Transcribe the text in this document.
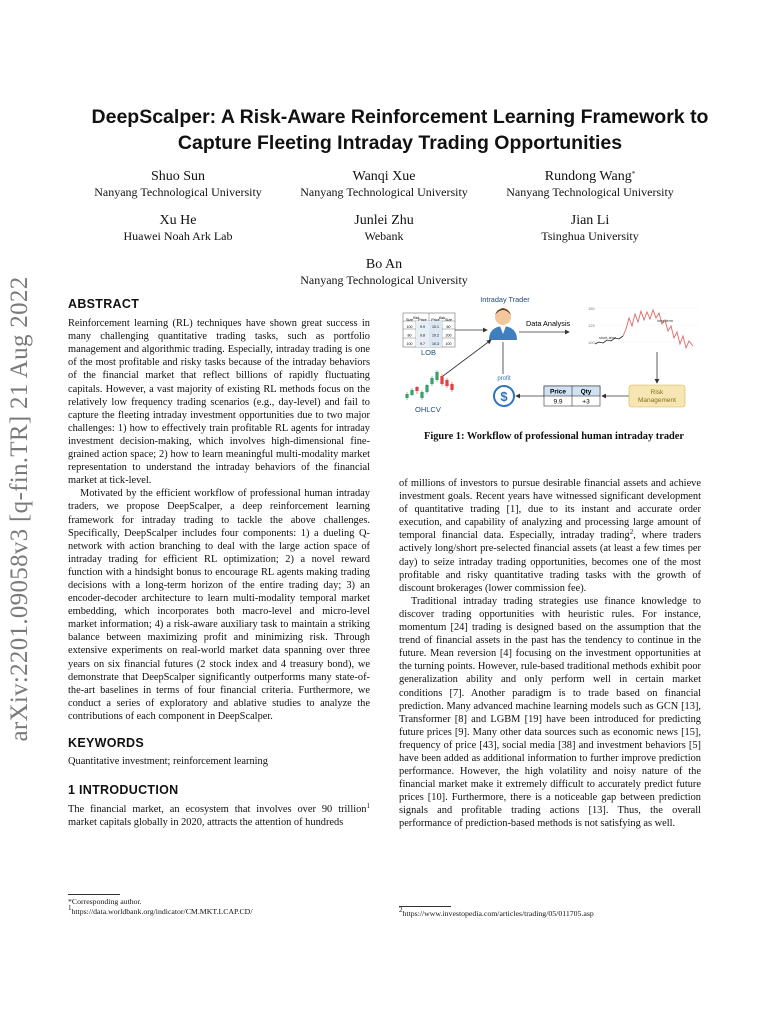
arXiv:2201.09058v3 [q-fin.TR] 21 Aug 2022
DeepScalper: A Risk-Aware Reinforcement Learning Framework to Capture Fleeting Intraday Trading Opportunities
Shuo Sun
Nanyang Technological University
Wanqi Xue
Nanyang Technological University
Rundong Wang*
Nanyang Technological University
Xu He
Huawei Noah Ark Lab
Junlei Zhu
Webank
Jian Li
Tsinghua University
Bo An
Nanyang Technological University
ABSTRACT

Reinforcement learning (RL) techniques have shown great success in many challenging quantitative trading tasks, such as portfolio management and algorithmic trading. Especially, intraday trading is one of the most profitable and risky tasks because of the intraday behaviors of the financial market that reflect billions of rapidly fluctuating capitals. However, a vast majority of existing RL methods focus on the relatively low frequency trading scenarios (e.g., day-level) and fail to capture the fleeting intraday investment opportunities due to two major challenges: 1) how to effectively train profitable RL agents for intraday investment decision-making, which involves high-dimensional fine-grained action space; 2) how to learn meaningful multi-modality market representation to understand the intraday behaviors of the financial market at tick-level.

Motivated by the efficient workflow of professional human intraday traders, we propose DeepScalper, a deep reinforcement learning framework for intraday trading to tackle the above challenges. Specifically, DeepScalper includes four components: 1) a dueling Q-network with action branching to deal with the large action space of intraday trading for efficient RL optimization; 2) a novel reward function with a hindsight bonus to encourage RL agents making trading decisions with a long-term horizon of the entire trading day; 3) an encoder-decoder architecture to learn multi-modality temporal market embedding, which incorporates both macro-level and micro-level market information; 4) a risk-aware auxiliary task to maintain a striking balance between maximizing profit and minimizing risk. Through extensive experiments on real-world market data spanning over three years on six financial futures (2 stock index and 4 treasury bond), we demonstrate that DeepScalper significantly outperforms many state-of-the-art baselines in terms of four financial criteria. Furthermore, we conduct a series of exploratory and ablative studies to analyze the contributions of each component in DeepScalper.

KEYWORDS

Quantitative investment; reinforcement learning

1 INTRODUCTION

The financial market, an ecosystem that involves over 90 trillion$^1$ market capitals globally in 2020, attracts the attention of hundreds

*Corresponding author.
$^1$https://data.worldbank.org/indicator/CM.MKT.LCAP.CD/
Bid	Ask
Size Price Price Size
100 9.9 10.1 60
80 9.8 10.2 200
100 9.7 10.3 100
LOB
Intraday Trader
Data Analysis
150
125
100
short-term
long-term
OHLCV
profit
$	Price Qty
9.9	+3
Risk
Management
Figure 1: Workflow of professional human intraday trader

of millions of investors to pursue desirable financial assets and achieve investment goals. Recent years have witnessed significant development of quantitative trading [1], due to its instant and accurate order execution, and capability of analyzing and processing large amount of temporal financial data. Especially, intraday trading$^2$, where traders actively long/short pre-selected financial assets (at least a few times per day) to seize intraday trading opportunities, becomes one of the most profitable and risky quantitative trading tasks with the growth of discount brokerages (lower commission fee).

Traditional intraday trading strategies use finance knowledge to discover trading opportunities with heuristic rules. For instance, momentum [24] trading is designed based on the assumption that the trend of financial assets in the past has the tendency to continue in the future. Mean reversion [4] focusing on the investment opportunities at the turning points. However, rule-based traditional methods exhibit poor generalization ability and only perform well in certain market conditions [7]. Another paradigm is to trade based on financial prediction. Many advanced machine learning models such as GCN [13], Transformer [8] and LGBM [19] have been introduced for predicting future prices [9]. Many other data sources such as economic news [15], frequency of price [43], social media [38] and investment behaviors [5] have been added as additional information to further improve prediction performance. However, the high volatility and noisy nature of the financial market make it extremely difficult to accurately predict future prices [10]. Furthermore, there is a noticeable gap between prediction signals and profitable trading actions [13]. Thus, the overall performance of prediction-based methods is not satisfying as well.

$^2$https://www.investopedia.com/articles/trading/05/011705.asp
